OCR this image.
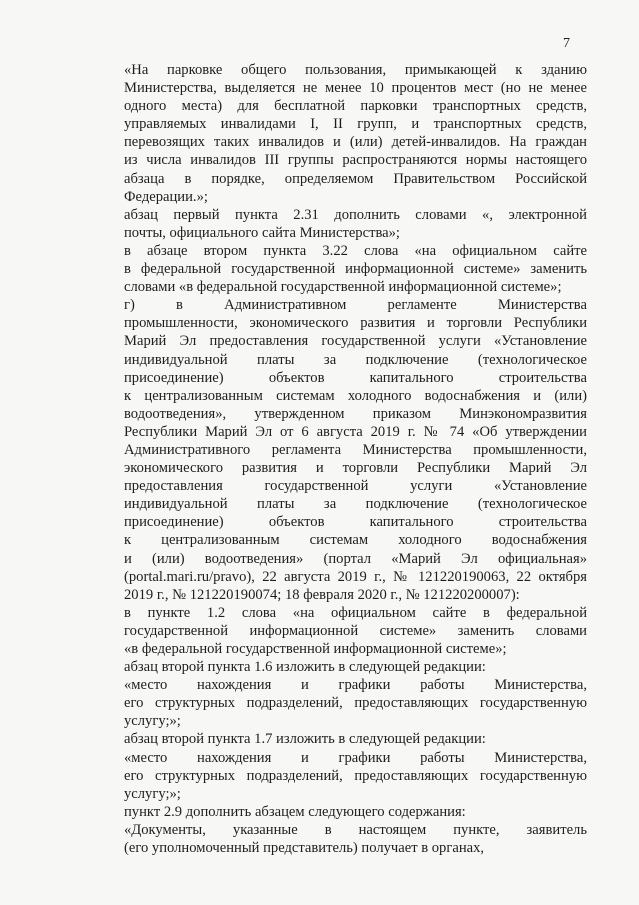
7
«На парковке общего пользования, примыкающей к зданию
Министерства, выделяется не менее 10 процентов мест (но не менее
одного места) для бесплатной парковки транспортных средств,
управляемых инвалидами I, II групп, и транспортных средств,
перевозящих таких инвалидов и (или) детей-инвалидов. На граждан
из числа инвалидов III группы распространяются нормы настоящего
абзаца в порядке, определяемом Правительством Российской
Федерации.»;
абзац первый пункта 2.31 дополнить словами «, электронной
почты, официального сайта Министерства»;
в абзаце втором пункта 3.22 слова «на официальном сайте
в федеральной государственной информационной системе» заменить
словами «в федеральной государственной информационной системе»;
г) в Административном регламенте Министерства
промышленности, экономического развития и торговли Республики
Марий Эл предоставления государственной услуги «Установление
индивидуальной платы за подключение (технологическое
присоединение) объектов капитального строительства
к централизованным системам холодного водоснабжения и (или)
водоотведения», утвержденном приказом Минэкономразвития
Республики Марий Эл от 6 августа 2019 г. № 74 «Об утверждении
Административного регламента Министерства промышленности,
экономического развития и торговли Республики Марий Эл
предоставления государственной услуги «Установление
индивидуальной платы за подключение (технологическое
присоединение) объектов капитального строительства
к централизованным системам холодного водоснабжения
и (или) водоотведения» (портал «Марий Эл официальная»
(portal.mari.ru/pravo), 22 августа 2019 г., № 121220190063, 22 октября
2019 г., № 121220190074; 18 февраля 2020 г., № 121220200007):
в пункте 1.2 слова «на официальном сайте в федеральной
государственной информационной системе» заменить словами
«в федеральной государственной информационной системе»;
абзац второй пункта 1.6 изложить в следующей редакции:
«место нахождения и графики работы Министерства,
его структурных подразделений, предоставляющих государственную
услугу;»;
абзац второй пункта 1.7 изложить в следующей редакции:
«место нахождения и графики работы Министерства,
его структурных подразделений, предоставляющих государственную
услугу;»;
пункт 2.9 дополнить абзацем следующего содержания:
«Документы, указанные в настоящем пункте, заявитель
(его уполномоченный представитель) получает в органах,
